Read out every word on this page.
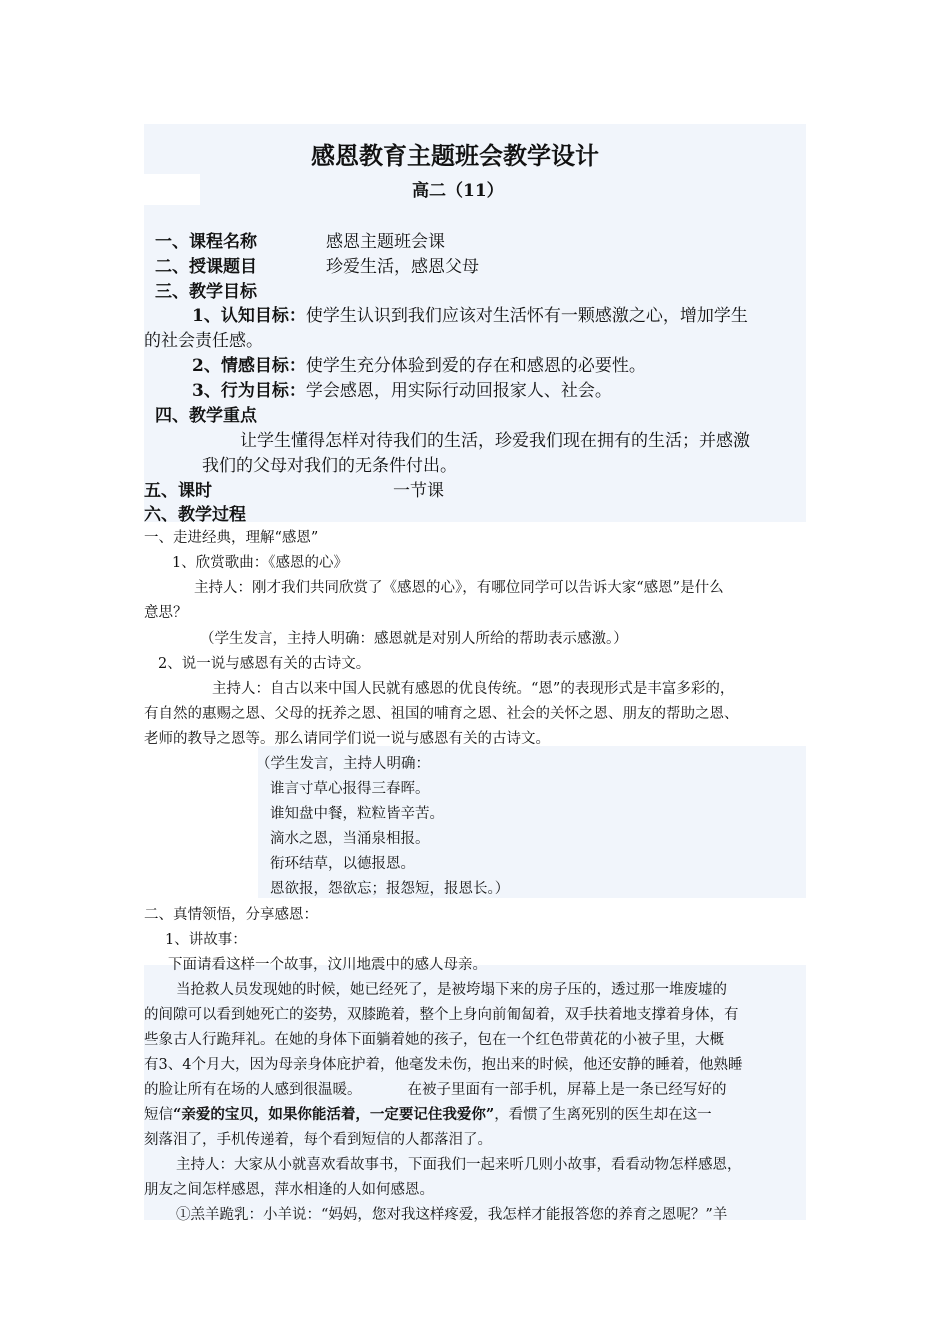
感恩教育主题班会教学设计
高二（11）
一、课程名称	感恩主题班会课
二、授课题目	珍爱生活，感恩父母
三、教学目标
1、认知目标：使学生认识到我们应该对生活怀有一颗感激之心，增加学生
的社会责任感。
2、情感目标：使学生充分体验到爱的存在和感恩的必要性。
3、行为目标：学会感恩，用实际行动回报家人、社会。
四、教学重点
让学生懂得怎样对待我们的生活，珍爱我们现在拥有的生活；并感激
我们的父母对我们的无条件付出。
五、课时	一节课
六、教学过程
一、走进经典，理解“感恩”
1、欣赏歌曲：《感恩的心》
主持人：刚才我们共同欣赏了《感恩的心》，有哪位同学可以告诉大家“感恩”是什么
意思？
（学生发言，主持人明确：感恩就是对别人所给的帮助表示感激。）
2、说一说与感恩有关的古诗文。
主持人：自古以来中国人民就有感恩的优良传统。“恩”的表现形式是丰富多彩的，
有自然的惠赐之恩、父母的抚养之恩、祖国的哺育之恩、社会的关怀之恩、朋友的帮助之恩、
老师的教导之恩等。那么请同学们说一说与感恩有关的古诗文。
（学生发言，主持人明确：
谁言寸草心报得三春晖。
谁知盘中餐，粒粒皆辛苦。
滴水之恩，当涌泉相报。
衔环结草，以德报恩。
恩欲报，怨欲忘；报怨短，报恩长。）
二、真情领悟，分享感恩：
1、讲故事：
下面请看这样一个故事，汶川地震中的感人母亲。
当抢救人员发现她的时候，她已经死了，是被垮塌下来的房子压的，透过那一堆废墟的
的间隙可以看到她死亡的姿势，双膝跪着，整个上身向前匍匐着，双手扶着地支撑着身体，有
些象古人行跪拜礼。在她的身体下面躺着她的孩子，包在一个红色带黄花的小被子里，大概
有3、4个月大，因为母亲身体庇护着，他毫发未伤，抱出来的时候，他还安静的睡着，他熟睡
的脸让所有在场的人感到很温暖。	在被子里面有一部手机，屏幕上是一条已经写好的
短信“亲爱的宝贝，如果你能活着，一定要记住我爱你”，看惯了生离死别的医生却在这一
刻落泪了，手机传递着，每个看到短信的人都落泪了。
主持人：大家从小就喜欢看故事书，下面我们一起来听几则小故事，看看动物怎样感恩，
朋友之间怎样感恩，萍水相逢的人如何感恩。
①羔羊跪乳：小羊说：“妈妈，您对我这样疼爱，我怎样才能报答您的养育之恩呢？”羊
